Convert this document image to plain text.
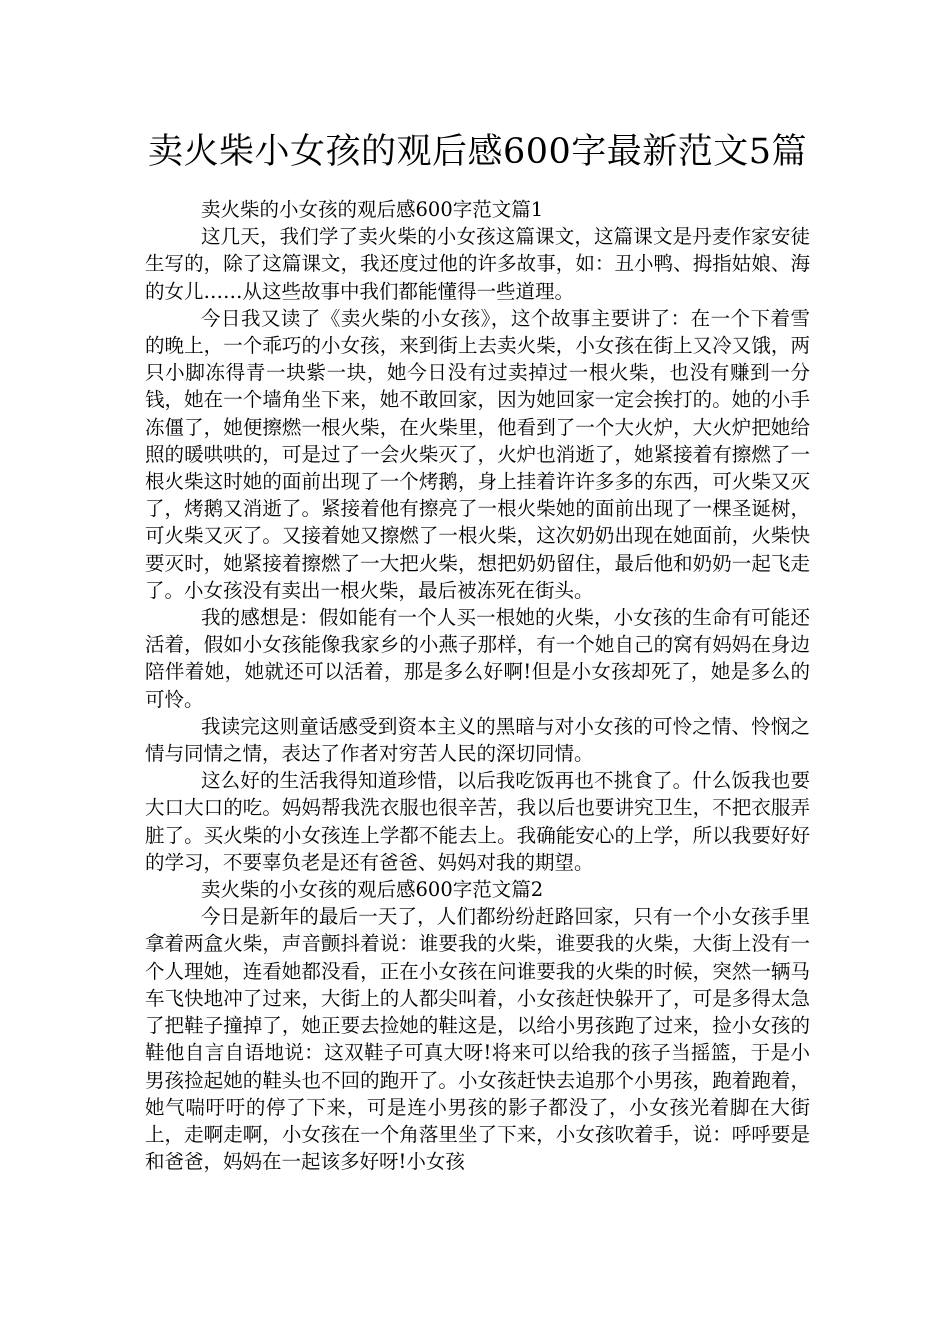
卖火柴小女孩的观后感600字最新范文5篇

卖火柴的小女孩的观后感600字范文篇1

这几天，我们学了卖火柴的小女孩这篇课文，这篇课文是丹麦作家安徒生写的，除了这篇课文，我还度过他的许多故事，如：丑小鸭、拇指姑娘、海的女儿……从这些故事中我们都能懂得一些道理。

今日我又读了《卖火柴的小女孩》，这个故事主要讲了：在一个下着雪的晚上，一个乖巧的小女孩，来到街上去卖火柴，小女孩在街上又冷又饿，两只小脚冻得青一块紫一块，她今日没有过卖掉过一根火柴，也没有赚到一分钱，她在一个墙角坐下来，她不敢回家，因为她回家一定会挨打的。她的小手冻僵了，她便擦燃一根火柴，在火柴里，他看到了一个大火炉，大火炉把她给照的暖哄哄的，可是过了一会火柴灭了，火炉也消逝了，她紧接着有擦燃了一根火柴这时她的面前出现了一个烤鹅，身上挂着许许多多的东西，可火柴又灭了，烤鹅又消逝了。紧接着他有擦亮了一根火柴她的面前出现了一棵圣诞树，可火柴又灭了。又接着她又擦燃了一根火柴，这次奶奶出现在她面前，火柴快要灭时，她紧接着擦燃了一大把火柴，想把奶奶留住，最后他和奶奶一起飞走了。小女孩没有卖出一根火柴，最后被冻死在街头。

我的感想是：假如能有一个人买一根她的火柴，小女孩的生命有可能还活着，假如小女孩能像我家乡的小燕子那样，有一个她自己的窝有妈妈在身边陪伴着她，她就还可以活着，那是多么好啊!但是小女孩却死了，她是多么的可怜。

我读完这则童话感受到资本主义的黑暗与对小女孩的可怜之情、怜悯之情与同情之情，表达了作者对穷苦人民的深切同情。

这么好的生活我得知道珍惜，以后我吃饭再也不挑食了。什么饭我也要大口大口的吃。妈妈帮我洗衣服也很辛苦，我以后也要讲究卫生，不把衣服弄脏了。买火柴的小女孩连上学都不能去上。我确能安心的上学，所以我要好好的学习，不要辜负老是还有爸爸、妈妈对我的期望。

卖火柴的小女孩的观后感600字范文篇2

今日是新年的最后一天了，人们都纷纷赶路回家，只有一个小女孩手里拿着两盒火柴，声音颤抖着说：谁要我的火柴，谁要我的火柴，大街上没有一个人理她，连看她都没看，正在小女孩在问谁要我的火柴的时候，突然一辆马车飞快地冲了过来，大街上的人都尖叫着，小女孩赶快躲开了，可是多得太急了把鞋子撞掉了，她正要去捡她的鞋这是，以给小男孩跑了过来，捡小女孩的鞋他自言自语地说：这双鞋子可真大呀!将来可以给我的孩子当摇篮，于是小男孩捡起她的鞋头也不回的跑开了。小女孩赶快去追那个小男孩，跑着跑着，她气喘吁吁的停了下来，可是连小男孩的影子都没了，小女孩光着脚在大街上，走啊走啊，小女孩在一个角落里坐了下来，小女孩吹着手，说：呼呼要是和爸爸，妈妈在一起该多好呀!小女孩
